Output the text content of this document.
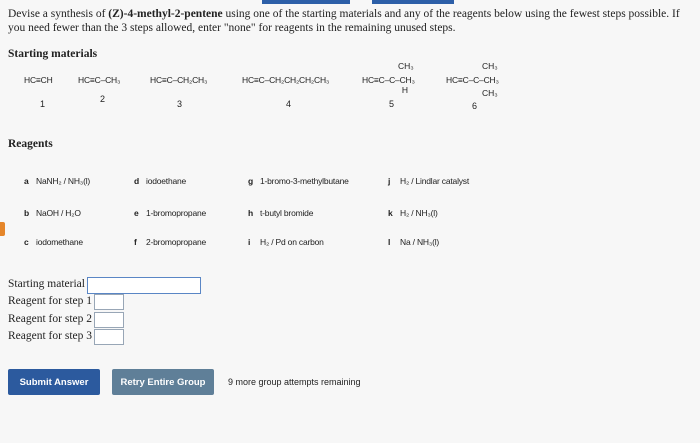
Devise a synthesis of (Z)-4-methyl-2-pentene using one of the starting materials and any of the reagents below using the fewest steps possible. If you need fewer than the 3 steps allowed, enter "none" for reagents in the remaining unused steps.
Starting materials
HC≡CH
1
HC≡C–CH₃
2
HC≡C–CH₂CH₃
3
HC≡C–CH₂CH₂CH₂CH₃
4
CH₃
HC≡C–C–CH₃
H
5
CH₃
HC≡C–C–CH₃
CH₃
6
Reagents
a NaNH₂ / NH₃(l)
b NaOH / H₂O
c iodomethane
d iodoethane
e 1-bromopropane
f 2-bromopropane
g 1-bromo-3-methylbutane
h t-butyl bromide
i H₂ / Pd on carbon
j H₂ / Lindlar catalyst
k H₂ / NH₃(l)
l Na / NH₃(l)
Starting material
Reagent for step 1
Reagent for step 2
Reagent for step 3
Submit Answer	Retry Entire Group	9 more group attempts remaining
